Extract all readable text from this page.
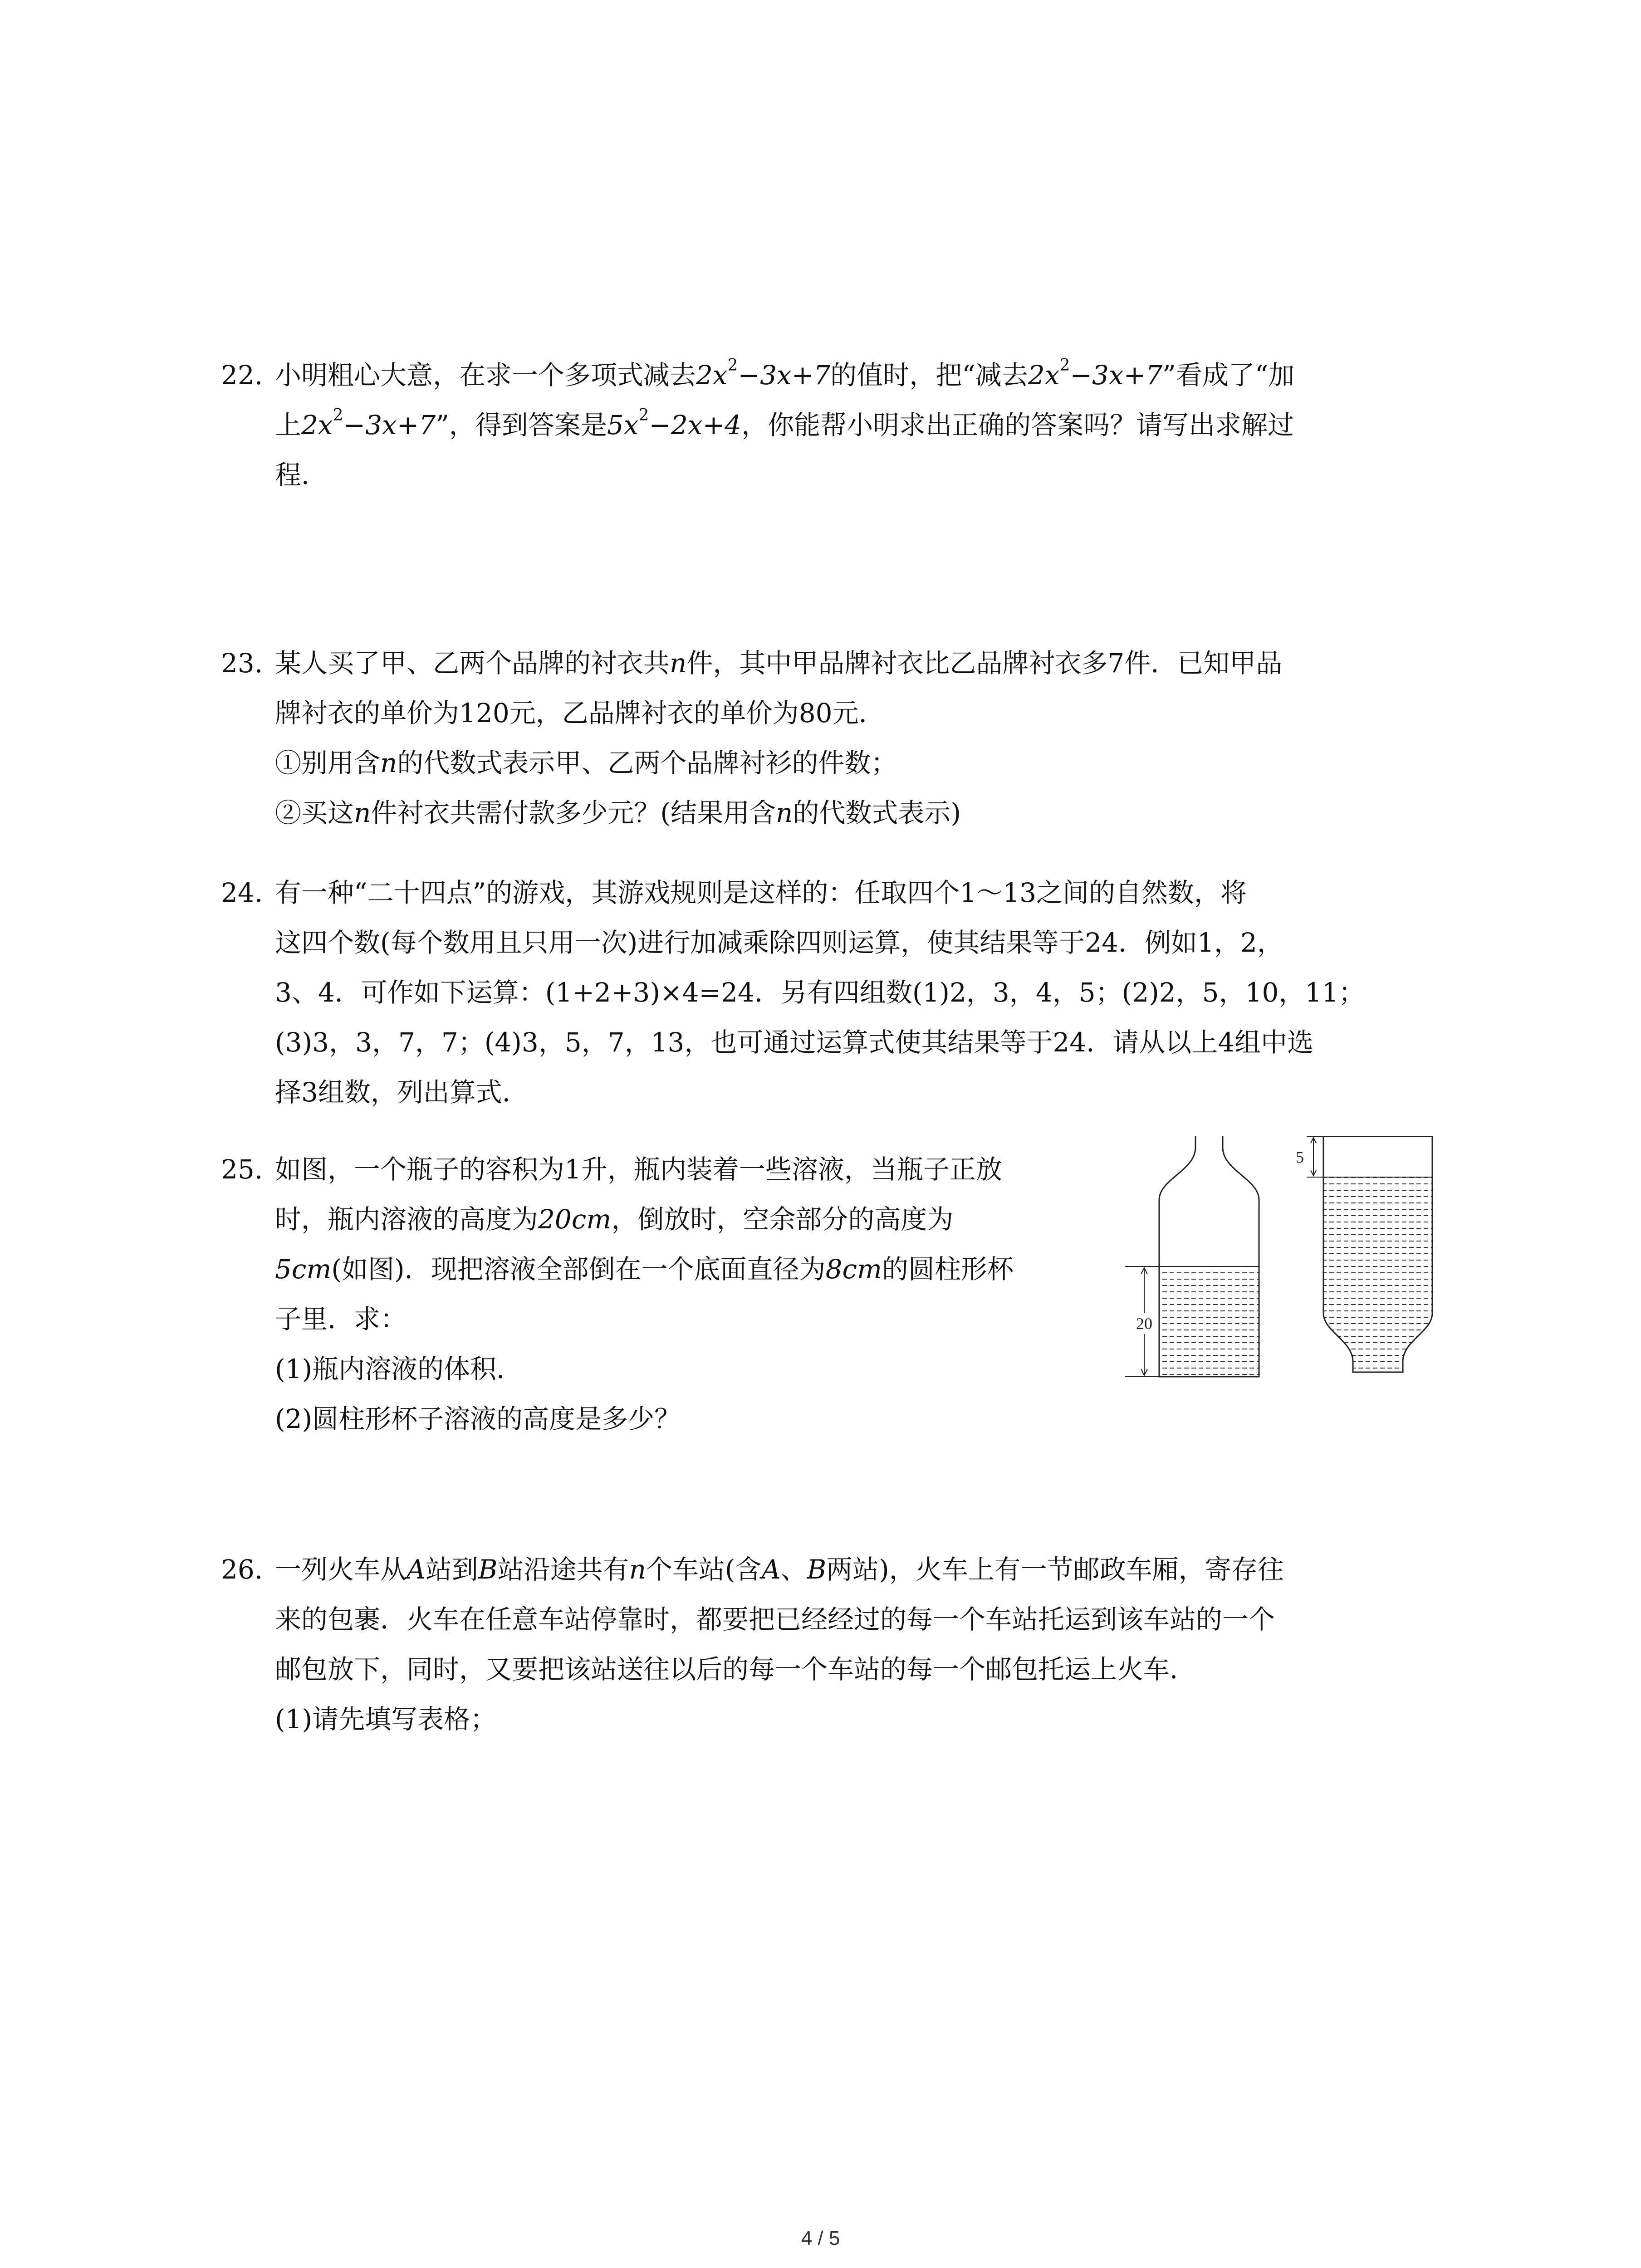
22. 小明粗心大意，在求一个多项式减去$2x^2-3x+7$的值时，把“减去$2x^2-3x+7$”看成了“加
上$2x^2-3x+7$”，得到答案是$5x^2-2x+4$，你能帮小明求出正确的答案吗？请写出求解过
程．
23. 某人买了甲、乙两个品牌的衬衣共n件，其中甲品牌衬衣比乙品牌衬衣多7件．已知甲品
牌衬衣的单价为120元，乙品牌衬衣的单价为80元．
①别用含n的代数式表示甲、乙两个品牌衬衫的件数；
②买这n件衬衣共需付款多少元？(结果用含n的代数式表示)
24. 有一种“二十四点”的游戏，其游戏规则是这样的：任取四个1～13之间的自然数，将
这四个数(每个数用且只用一次)进行加减乘除四则运算，使其结果等于24．例如1，2，
3、4．可作如下运算：(1+2+3)×4=24．另有四组数(1)2，3，4，5；(2)2，5，10，11；
(3)3，3，7，7；(4)3，5，7，13，也可通过运算式使其结果等于24．请从以上4组中选
择3组数，列出算式．
25. 如图，一个瓶子的容积为1升，瓶内装着一些溶液，当瓶子正放
时，瓶内溶液的高度为20cm，倒放时，空余部分的高度为
5cm(如图)．现把溶液全部倒在一个底面直径为8cm的圆柱形杯
子里．求：
(1)瓶内溶液的体积．
(2)圆柱形杯子溶液的高度是多少？
20
5
26. 一列火车从A站到B站沿途共有n个车站(含A、B两站)，火车上有一节邮政车厢，寄存往
来的包裹．火车在任意车站停靠时，都要把已经经过的每一个车站托运到该车站的一个
邮包放下，同时，又要把该站送往以后的每一个车站的每一个邮包托运上火车．
(1)请先填写表格；
4 / 5
